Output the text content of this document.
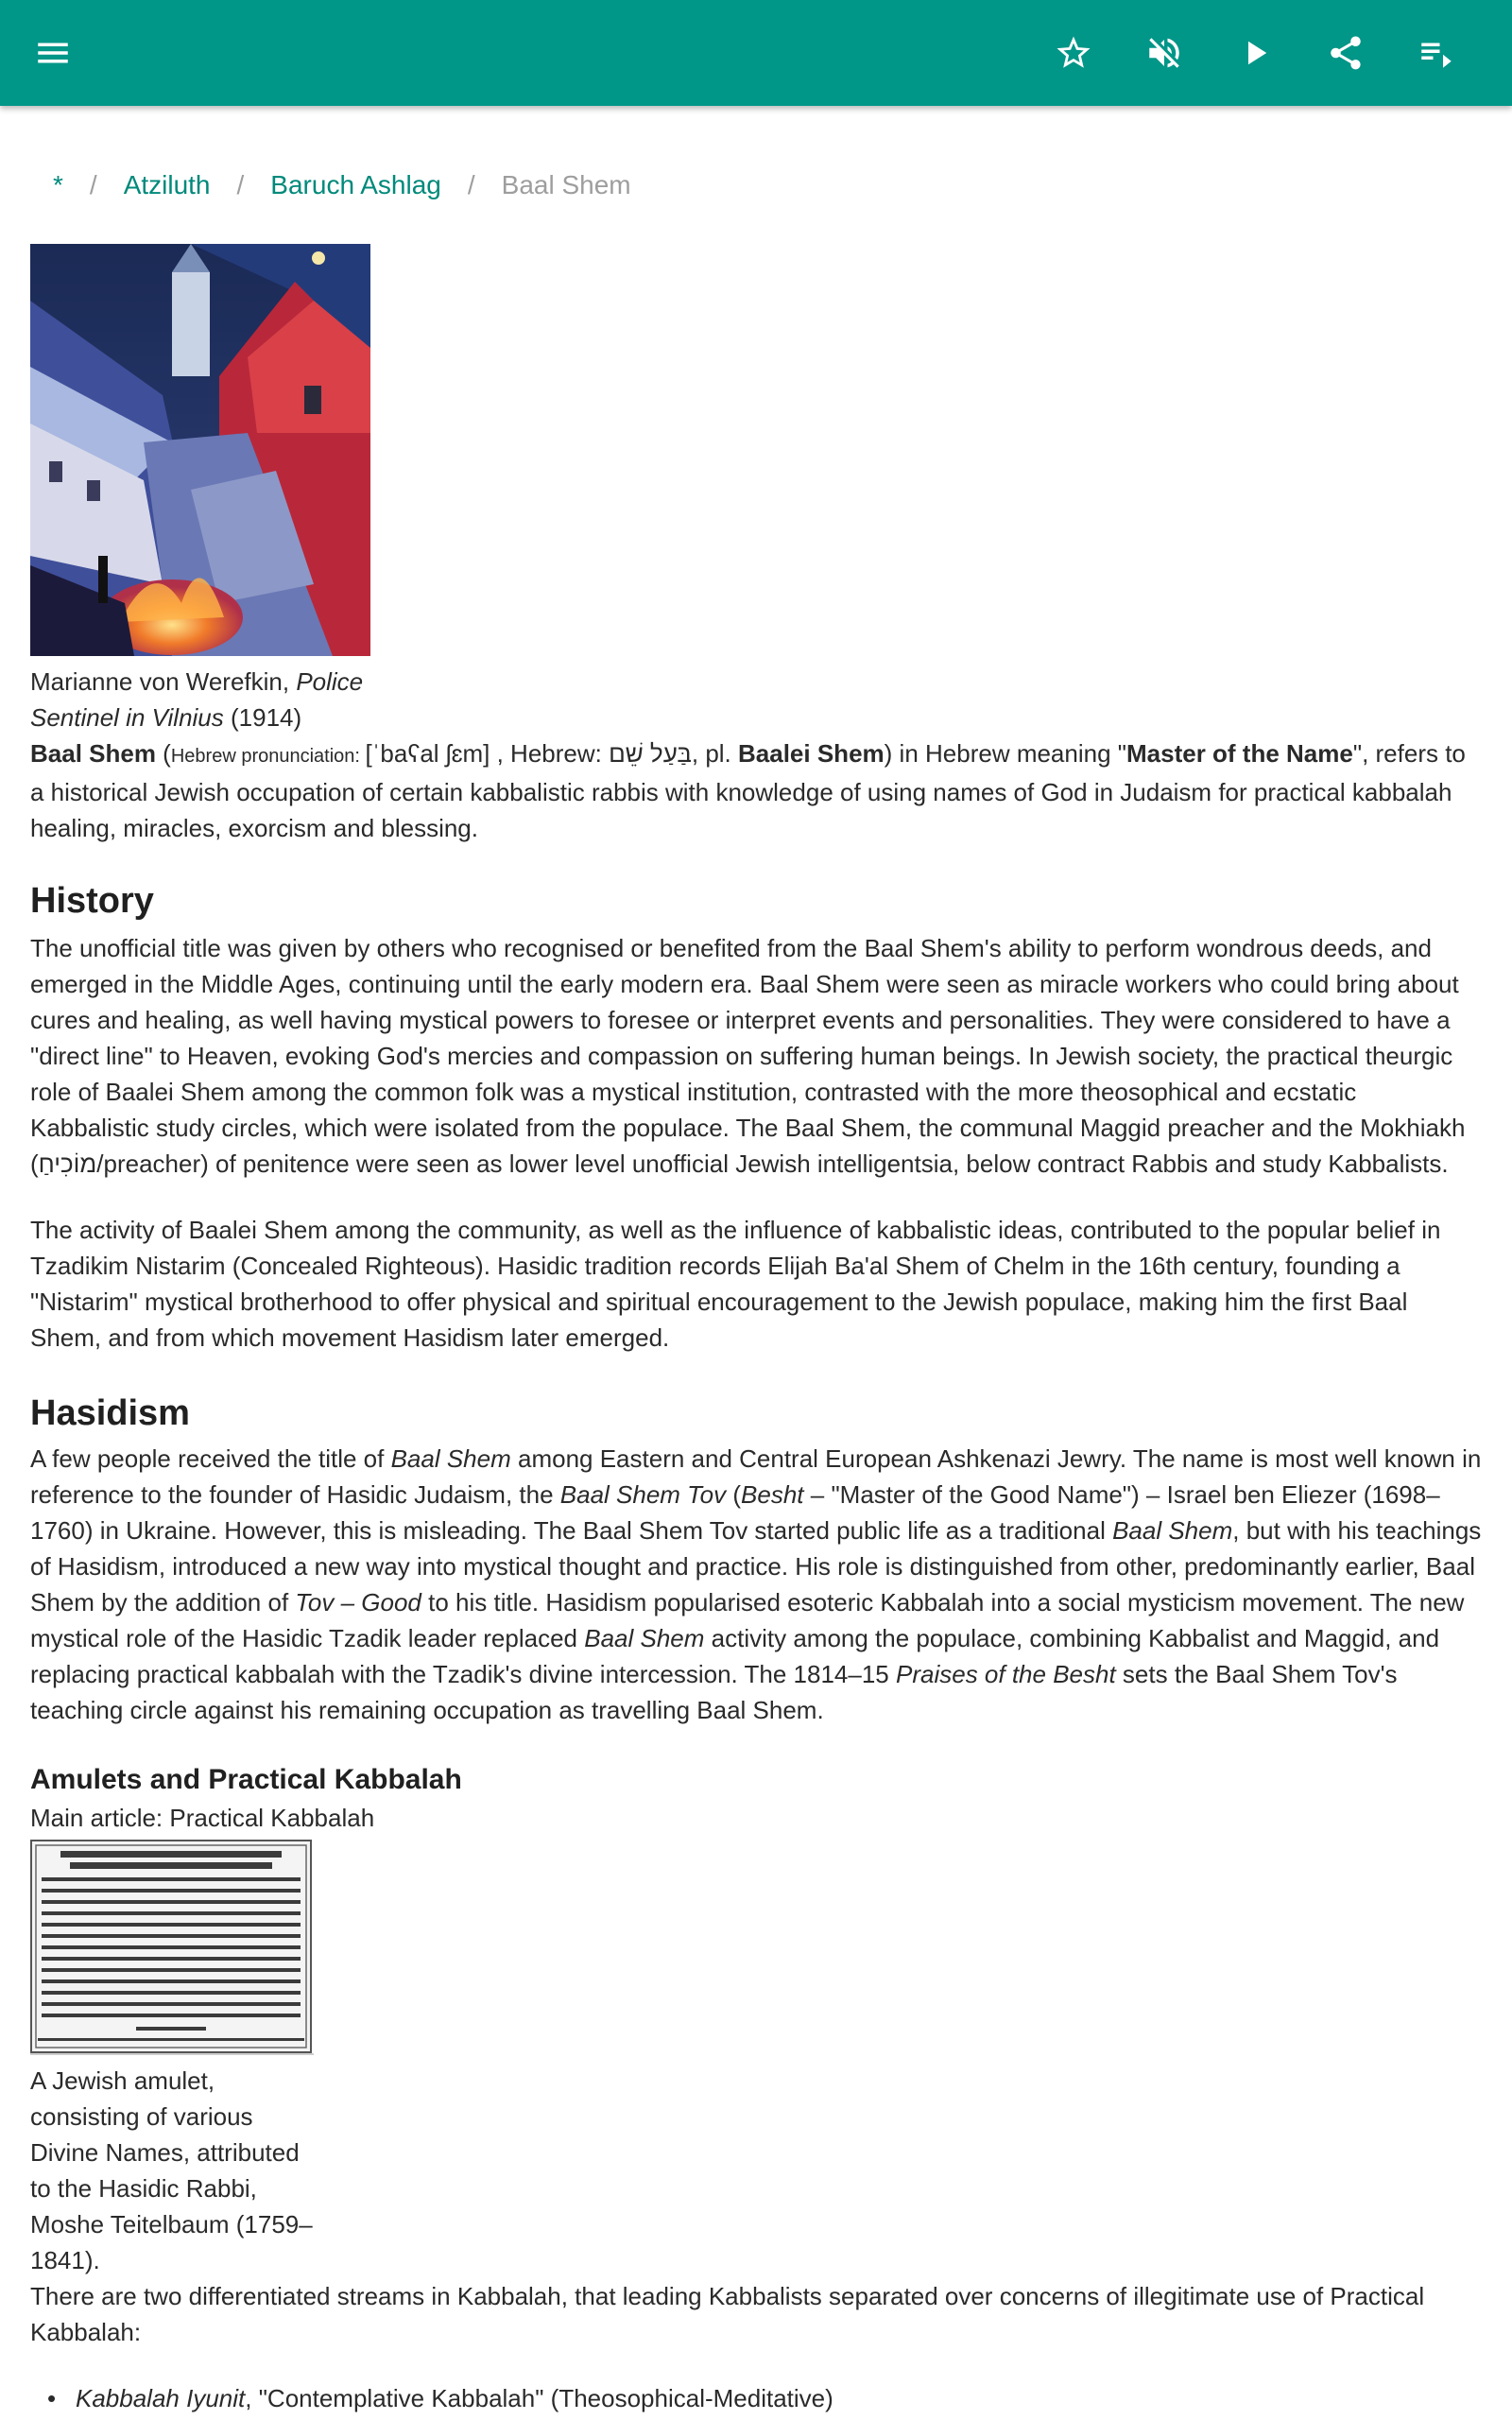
* / Atziluth / Baruch Ashlag / Baal Shem
Marianne von Werefkin, Police Sentinel in Vilnius (1914)

Baal Shem (Hebrew pronunciation: [ˈbaʕal ʃɛm] , Hebrew: בַּעַל שֵׁם, pl. Baalei Shem) in Hebrew meaning "Master of the Name", refers to a historical Jewish occupation of certain kabbalistic rabbis with knowledge of using names of God in Judaism for practical kabbalah healing, miracles, exorcism and blessing.

History

The unofficial title was given by others who recognised or benefited from the Baal Shem's ability to perform wondrous deeds, and emerged in the Middle Ages, continuing until the early modern era. Baal Shem were seen as miracle workers who could bring about cures and healing, as well having mystical powers to foresee or interpret events and personalities. They were considered to have a "direct line" to Heaven, evoking God's mercies and compassion on suffering human beings. In Jewish society, the practical theurgic role of Baalei Shem among the common folk was a mystical institution, contrasted with the more theosophical and ecstatic Kabbalistic study circles, which were isolated from the populace. The Baal Shem, the communal Maggid preacher and the Mokhiakh (מוֹכִיחַ/preacher) of penitence were seen as lower level unofficial Jewish intelligentsia, below contract Rabbis and study Kabbalists.

The activity of Baalei Shem among the community, as well as the influence of kabbalistic ideas, contributed to the popular belief in Tzadikim Nistarim (Concealed Righteous). Hasidic tradition records Elijah Ba'al Shem of Chelm in the 16th century, founding a "Nistarim" mystical brotherhood to offer physical and spiritual encouragement to the Jewish populace, making him the first Baal Shem, and from which movement Hasidism later emerged.

Hasidism

A few people received the title of Baal Shem among Eastern and Central European Ashkenazi Jewry. The name is most well known in reference to the founder of Hasidic Judaism, the Baal Shem Tov (Besht – "Master of the Good Name") – Israel ben Eliezer (1698–1760) in Ukraine. However, this is misleading. The Baal Shem Tov started public life as a traditional Baal Shem, but with his teachings of Hasidism, introduced a new way into mystical thought and practice. His role is distinguished from other, predominantly earlier, Baal Shem by the addition of Tov – Good to his title. Hasidism popularised esoteric Kabbalah into a social mysticism movement. The new mystical role of the Hasidic Tzadik leader replaced Baal Shem activity among the populace, combining Kabbalist and Maggid, and replacing practical kabbalah with the Tzadik's divine intercession. The 1814–15 Praises of the Besht sets the Baal Shem Tov's teaching circle against his remaining occupation as travelling Baal Shem.

Amulets and Practical Kabbalah

Main article: Practical Kabbalah

A Jewish amulet, consisting of various Divine Names, attributed to the Hasidic Rabbi, Moshe Teitelbaum (1759–1841).

There are two differentiated streams in Kabbalah, that leading Kabbalists separated over concerns of illegitimate use of Practical Kabbalah:

• Kabbalah Iyunit, "Contemplative Kabbalah" (Theosophical-Meditative)
